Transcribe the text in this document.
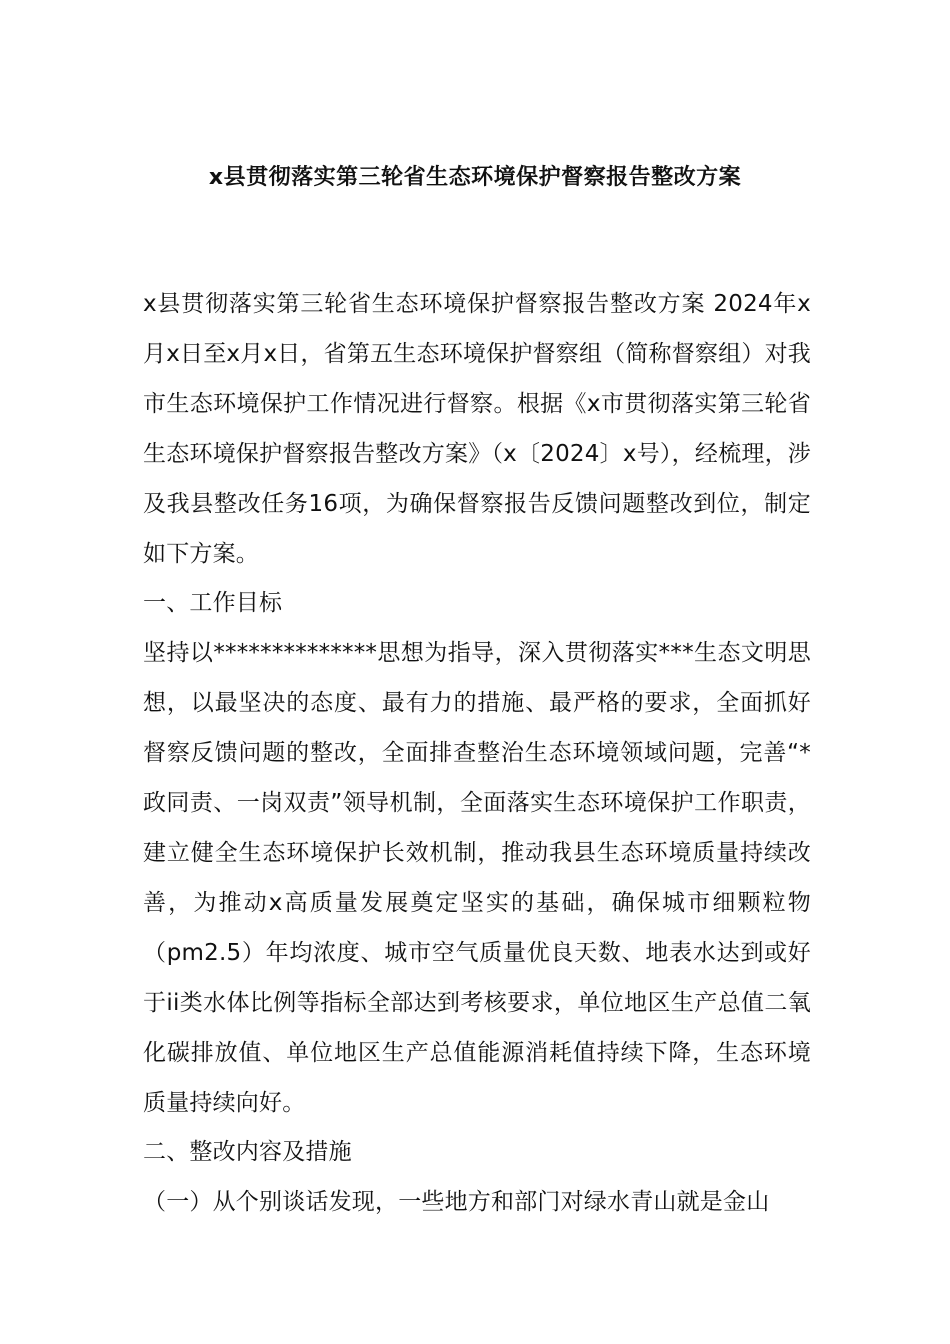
x县贯彻落实第三轮省生态环境保护督察报告整改方案

x县贯彻落实第三轮省生态环境保护督察报告整改方案 2024年x月x日至x月x日，省第五生态环境保护督察组（简称督察组）对我市生态环境保护工作情况进行督察。根据《x市贯彻落实第三轮省生态环境保护督察报告整改方案》（x〔2024〕x号），经梳理，涉及我县整改任务16项，为确保督察报告反馈问题整改到位，制定如下方案。

一、工作目标

坚持以**************思想为指导，深入贯彻落实***生态文明思想，以最坚决的态度、最有力的措施、最严格的要求，全面抓好督察反馈问题的整改，全面排查整治生态环境领域问题，完善“*政同责、一岗双责”领导机制，全面落实生态环境保护工作职责，建立健全生态环境保护长效机制，推动我县生态环境质量持续改善，为推动x高质量发展奠定坚实的基础，确保城市细颗粒物（pm2.5）年均浓度、城市空气质量优良天数、地表水达到或好于ii类水体比例等指标全部达到考核要求，单位地区生产总值二氧化碳排放值、单位地区生产总值能源消耗值持续下降，生态环境质量持续向好。

二、整改内容及措施

（一）从个别谈话发现，一些地方和部门对绿水青山就是金山
